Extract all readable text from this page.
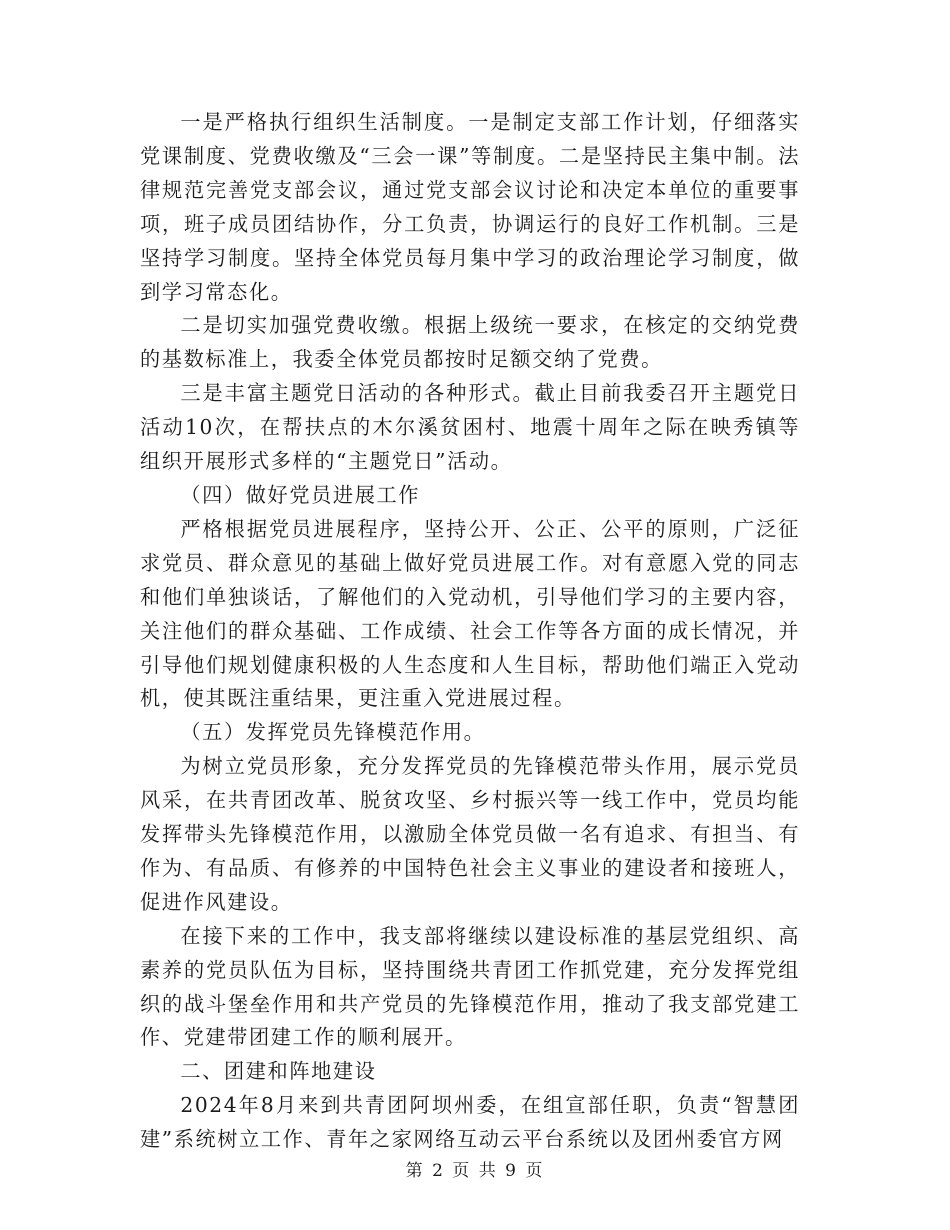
一是严格执行组织生活制度。一是制定支部工作计划，仔细落实党课制度、党费收缴及“三会一课”等制度。二是坚持民主集中制。法律规范完善党支部会议，通过党支部会议讨论和决定本单位的重要事项，班子成员团结协作，分工负责，协调运行的良好工作机制。三是坚持学习制度。坚持全体党员每月集中学习的政治理论学习制度，做到学习常态化。

二是切实加强党费收缴。根据上级统一要求，在核定的交纳党费的基数标准上，我委全体党员都按时足额交纳了党费。

三是丰富主题党日活动的各种形式。截止目前我委召开主题党日活动10次，在帮扶点的木尔溪贫困村、地震十周年之际在映秀镇等组织开展形式多样的“主题党日”活动。

（四）做好党员进展工作

严格根据党员进展程序，坚持公开、公正、公平的原则，广泛征求党员、群众意见的基础上做好党员进展工作。对有意愿入党的同志和他们单独谈话，了解他们的入党动机，引导他们学习的主要内容，关注他们的群众基础、工作成绩、社会工作等各方面的成长情况，并引导他们规划健康积极的人生态度和人生目标，帮助他们端正入党动机，使其既注重结果，更注重入党进展过程。

（五）发挥党员先锋模范作用。

为树立党员形象，充分发挥党员的先锋模范带头作用，展示党员风采，在共青团改革、脱贫攻坚、乡村振兴等一线工作中，党员均能发挥带头先锋模范作用，以激励全体党员做一名有追求、有担当、有作为、有品质、有修养的中国特色社会主义事业的建设者和接班人，促进作风建设。

在接下来的工作中，我支部将继续以建设标准的基层党组织、高素养的党员队伍为目标，坚持围绕共青团工作抓党建，充分发挥党组织的战斗堡垒作用和共产党员的先锋模范作用，推动了我支部党建工作、党建带团建工作的顺利展开。

二、团建和阵地建设

2024年8月来到共青团阿坝州委，在组宣部任职，负责“智慧团建”系统树立工作、青年之家网络互动云平台系统以及团州委官方网

第 2 页 共 9 页
